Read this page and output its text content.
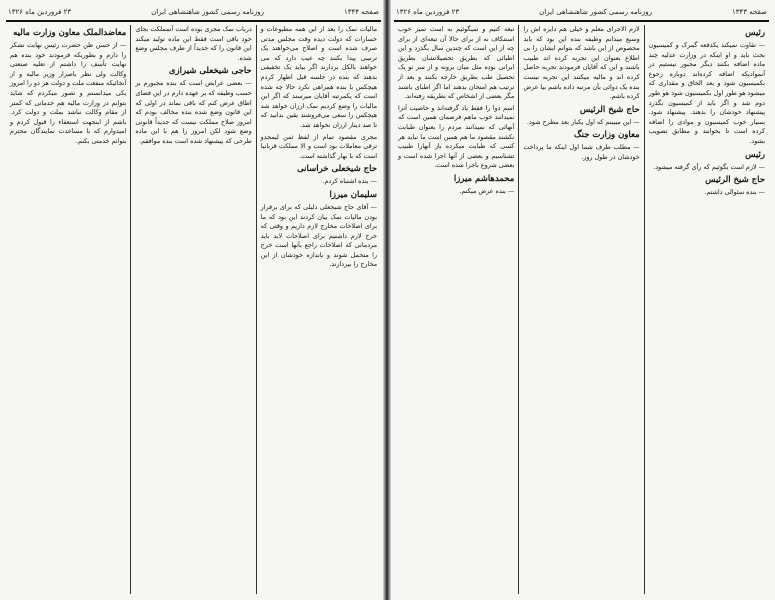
صفحه ۱۳۴۴
روزنامه رسمی کشور شاهنشاهی ایران
۲۳ فروردین ماه ۱۳۲۶

مالیات نمک را بعد از این همه مطبوعات و خسارات که دولت دیده وقت مجلس مدتی صرف شده است و اصلاح می‌خواهند یک ترتیبی پیدا بکنند چه عیب دارد که می خواهند بالکل بردارند اگر بیاید یک تخفیفی بدهند که بنده در جلسه قبل اظهار کردم هیچکس با بنده همراهی نکرد حالا چه شده است که یکمرتبه آقایان میرسند که اگر این مالیات را وضع کردیم نمک ارزان خواهد شد هیچکس را سعی می‌فروشند یقین بدانید که تا صد دینار ارزان نخواهد شد.

مجری مقصود تمام از لفظ ثمن لیمجدو ترقی معاملات بود است و الا مملکت قربانیا است که با بهار گذاشته است.

حاج شیخعلی خراسانی

— بنده اشتباه کردم.

سلیمان میرزا

— آقای حاج شیخعلی دلیلی که برای برقرار بودن مالیات نمک بیان کردند این بود که ما برای اصلاحات مخارج لازم داریم و وقتی که خرج لازم داشتیم برای اصلاحات لابد باید مردمانی که اصلاحات راجع بآنها است خرج را متحمل شوند و باندازه خودشان از این مخارج را بپردازند.

درباب نمک مجری بوده است آنمملکت بجای خود باقی است فقط این ماده تولید میکند این قانون را که جدیداً از طرف مجلس وضع شده.

حاجی شیخعلی شیرازی

— بعضی عرایض است که بنده مجبورم بر حسب وظیفه که بر عهده دارم در این فضای اطاق عرض کنم که باقی بماند در اولی که این قانون وضع شده بنده مخالف بودم که امروز صلاح مملکت نیست که جدیداً قانونی وضع شود لکن امروز را هم با این ماده طرحی که پیشنهاد شده است بنده موافقم.

معاضدالملک معاون وزارت مالیه

— از حسن ظن حضرت رئیس نهایت تشکر را دارم و بطوریکه فرمودند خود بنده هم نهایت تأسف را داشتم از تعلیه صنعتی وکالت ولی نظر باصرار وزیر مالیه و از آنجائیکه منفعت ملت و دولت هر دو را امروز یکی میدانستم و تصور میکردم که شاید بتوانم در وزارت مالیه هم خدماتی که کمتر از مقام وکالت نباشد بملت و دولت کرد. باشم از اینجهت استعفاء را قبول کردم و امیدوارم که با مساعدت نمایندگان محترم بتوانم خدمتی بکنم.

صفحه ۱۳۴۳
روزنامه رسمی کشور شاهنشاهی ایران
۲۳ فروردین ماه ۱۳۲۶
رئیس

— تقاوت نمیکند یکدفعه گمرک و کمیسیون بحث باید و او اینکه در وزارت عدلیه چند ماده اضافه بکنند دیگر مجبور نیستیم در آنموادیکه اضافه کرده‌اند دوباره رجوع بکمیسیون شود و بعد الحاق و مقداری که میشود هو طور اول بکمیسیون شود هو طور دوم شد و اگر باید از کمیسیون بگذرد پیشنهاد خودشان را بدهند. پیشنهاد شود. بسیار خوب کمیسیون و موادی را اضافه کرده است تا بخوانند و مطابق تصویب بشود.

رئیس

— لازم است بگوئیم که رأی گرفته میشود.

حاج شیخ الرئیس

— بنده سئوالی داشتم.

لازم الاجرای معلم و خیلی هم دایره اش را وسیع میدانم وظیفه بنده این بود که باید محصوص از این باشد که بتوانم ایشان را بی اطلاع بعنوان این تجربه کرده اند طبیب باشند و این که آقایان فرمودند تجربه حاصل کرده اند و مالیه میکنند این تجربه نیست بنده یک دوائی بآن مرتبه داده باشم بیا عرض کرده باشم.

حاج شیخ الرئیس

— این میبینم که اول یکبار بعد مطرح شود.

معاون وزارت جنگ

— مطلب طرف شما اول اینکه ما پرداخت خودشان در طول روز.

تبعه کنیم و نمیگوئیم به است تمیز خوب استنکاف نه از برای حالا آن تبعه‌ای از برای چه از این است که چندین سال بگذرد و این اطبائی که بطریق تحصیلاتشان بطریق ایرانی بوده مثل میان برونه و از سر نو یک تحصیل طب بطریق خارجه بکنند و بعد از ترتیب هم امتحان بدهند اما اگر اطبای باشند مگر بعضی از اشخاص که بطریقه رفته‌اند.

اسم دوا را فقط یاد گرفته‌اند و خاصیت آنرا نمیدانند خوب ماهم فرضمان همین است که آنهائی که نمیدانند مردم را بعنوان طبابت نکشند مقصود ما هم همین است ما نباید هر کسی که طبابت میکرده باز آنهارا طبیب تشناسیم و بعضی از آنها اجرا شده است و بعضی شروع باجرا شده است.

محمدهاشم میرزا

— بنده عرض میکنم.
